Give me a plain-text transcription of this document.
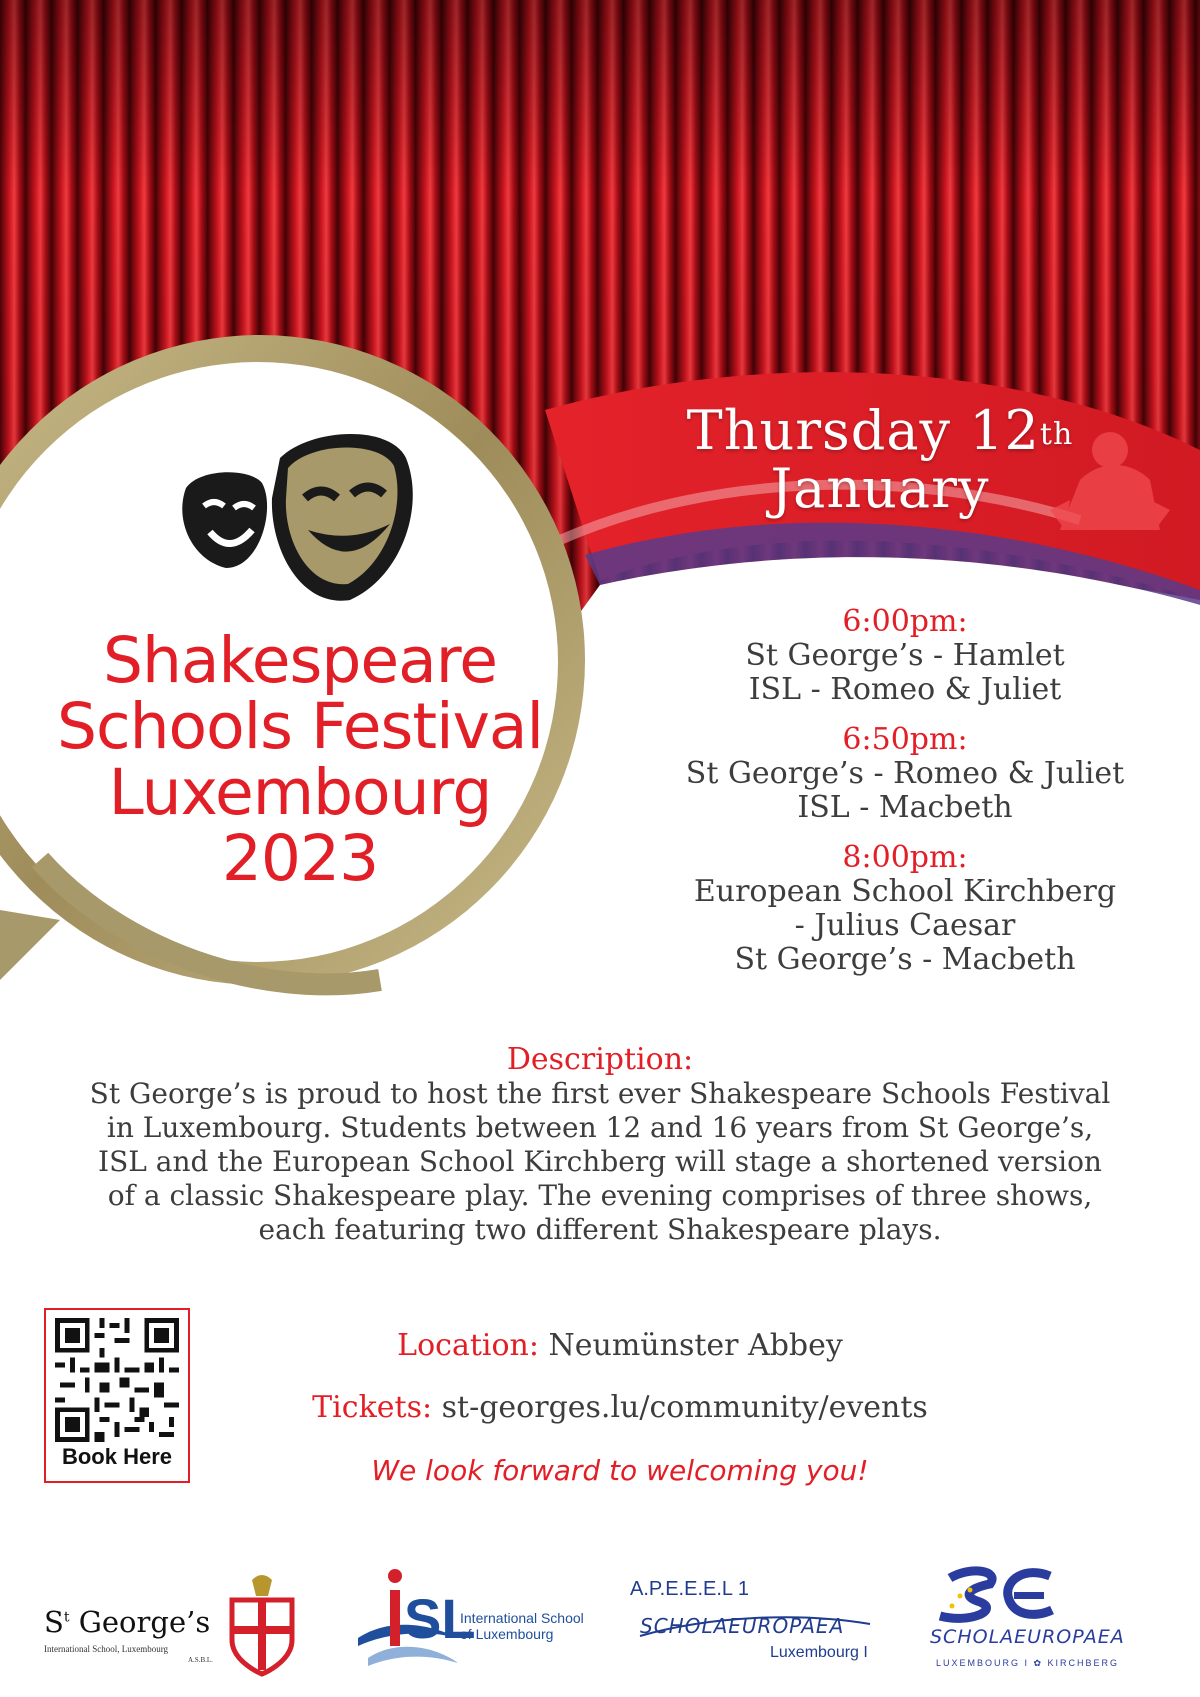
Thursday 12th
January
Shakespeare
Schools Festival
Luxembourg
2023
6:00pm:
St George’s - Hamlet
ISL - Romeo & Juliet
6:50pm:
St George’s - Romeo & Juliet
ISL - Macbeth
8:00pm:
European School Kirchberg
- Julius Caesar
St George’s - Macbeth
Description:
St George’s is proud to host the first ever Shakespeare Schools Festival
in Luxembourg. Students between 12 and 16 years from St George’s,
ISL and the European School Kirchberg will stage a shortened version
of a classic Shakespeare play. The evening comprises of three shows,
each featuring two different Shakespeare plays.
Book Here
Location: Neumünster Abbey
Tickets: st-georges.lu/community/events
We look forward to welcoming you!
$S^t$ George’s
International School, Luxembourg
A.S.B.L.
SL
International School
of Luxembourg
A.P.E.E.E.L 1
SCHOLAEUROPAEA
Luxembourg I
SCHOLAEUROPAEA
LUXEMBOURG I ✿ KIRCHBERG
